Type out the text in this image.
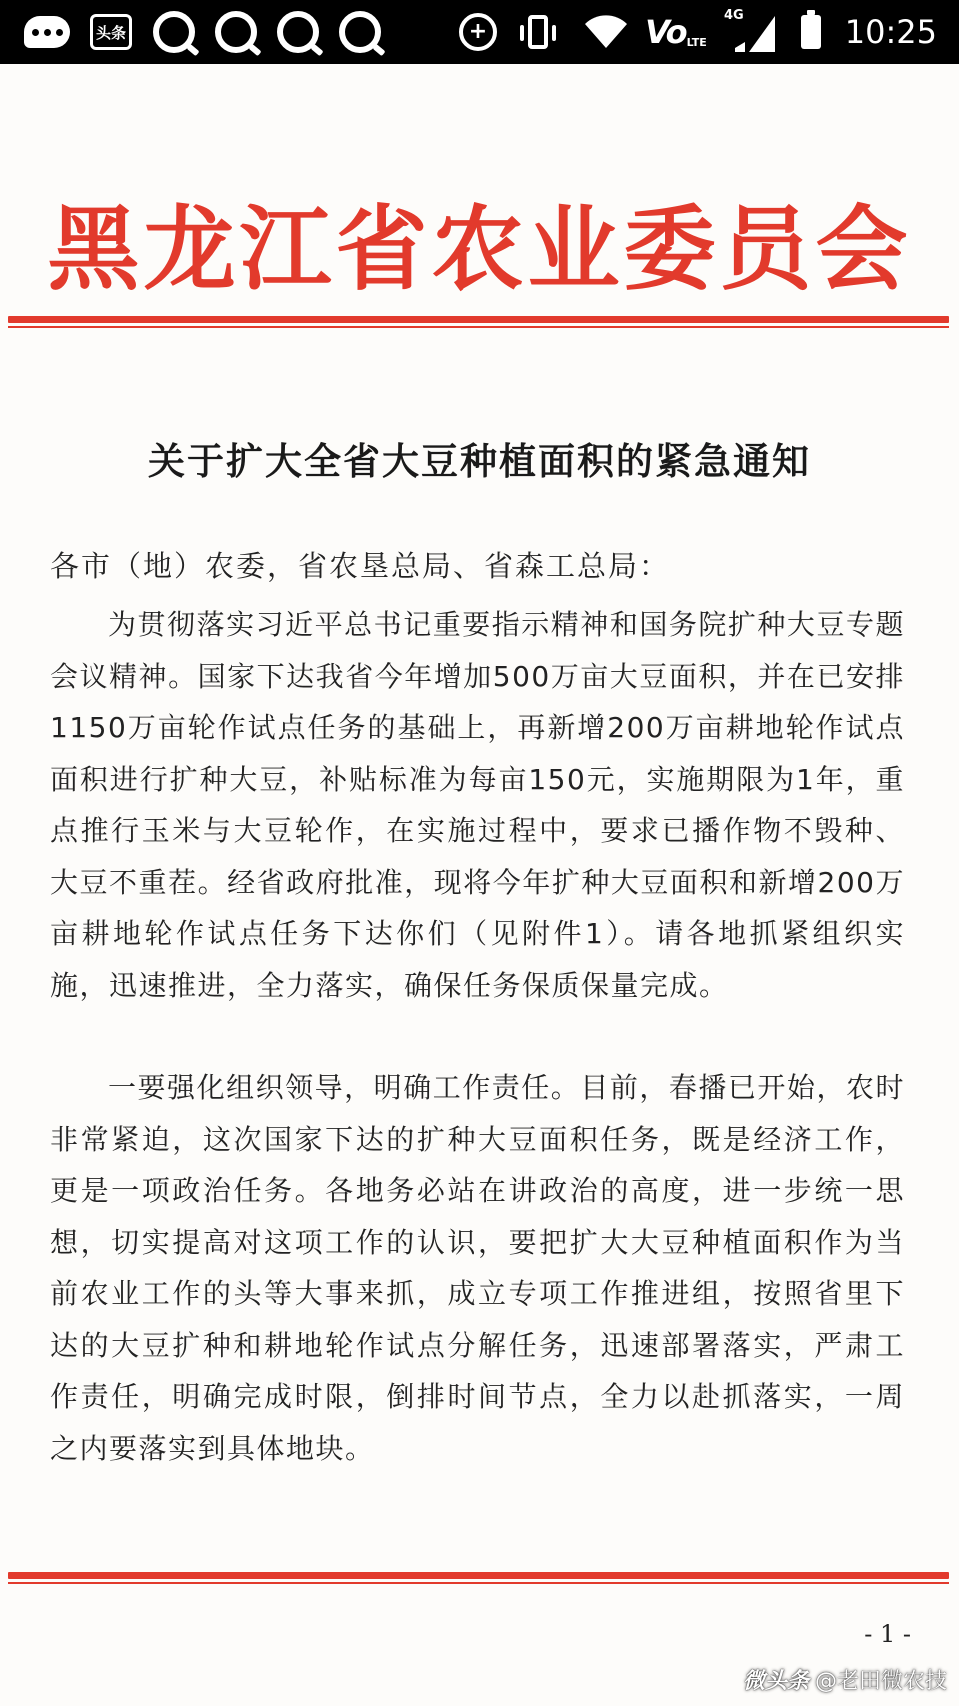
头条	+	Vo LTE
4G	10:25
黑龙江省农业委员会
关于扩大全省大豆种植面积的紧急通知
各市（地）农委，省农垦总局、省森工总局：
为贯彻落实习近平总书记重要指示精神和国务院扩种大豆专题会议精神。国家下达我省今年增加500万亩大豆面积，并在已安排1150万亩轮作试点任务的基础上，再新增200万亩耕地轮作试点面积进行扩种大豆，补贴标准为每亩150元，实施期限为1年，重点推行玉米与大豆轮作，在实施过程中，要求已播作物不毁种、大豆不重茬。经省政府批准，现将今年扩种大豆面积和新增200万亩耕地轮作试点任务下达你们（见附件1）。请各地抓紧组织实施，迅速推进，全力落实，确保任务保质保量完成。
一要强化组织领导，明确工作责任。目前，春播已开始，农时非常紧迫，这次国家下达的扩种大豆面积任务，既是经济工作，更是一项政治任务。各地务必站在讲政治的高度，进一步统一思想，切实提高对这项工作的认识，要把扩大大豆种植面积作为当前农业工作的头等大事来抓，成立专项工作推进组，按照省里下达的大豆扩种和耕地轮作试点分解任务，迅速部署落实，严肃工作责任，明确完成时限，倒排时间节点，全力以赴抓落实，一周之内要落实到具体地块。
- 1 -
微头条 @老田微农技
